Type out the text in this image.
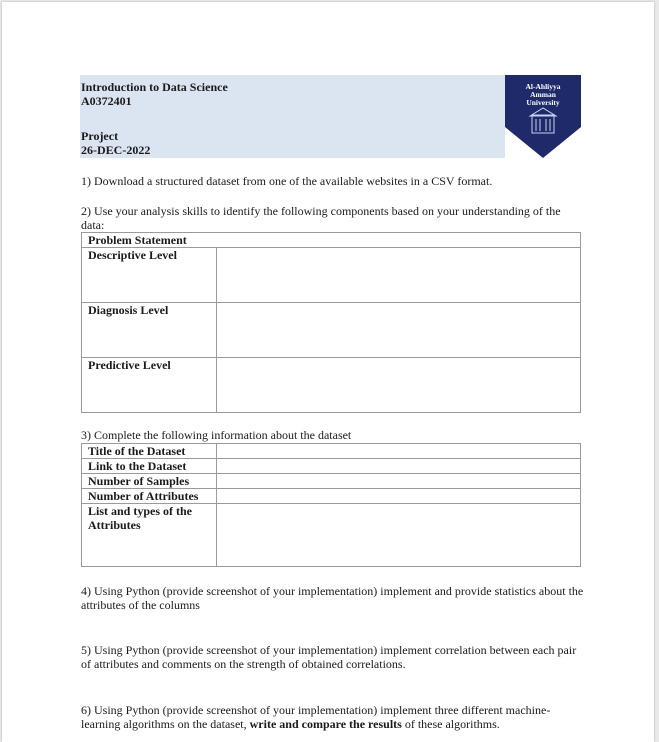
Introduction to Data Science
A0372401
Project
26-DEC-2022
Al-Ahliyya
Amman
University
1) Download a structured dataset from one of the available websites in a CSV format.
2) Use your analysis skills to identify the following components based on your understanding of the data:
Problem Statement	
Descriptive Level	
Diagnosis Level	
Predictive Level	
3) Complete the following information about the dataset
Title of the Dataset	
Link to the Dataset	
Number of Samples	
Number of Attributes	
List and types of the Attributes	
4) Using Python (provide screenshot of your implementation) implement and provide statistics about the attributes of the columns
5) Using Python (provide screenshot of your implementation) implement correlation between each pair of attributes and comments on the strength of obtained correlations.
6) Using Python (provide screenshot of your implementation) implement three different machine-learning algorithms on the dataset, write and compare the results of these algorithms.
